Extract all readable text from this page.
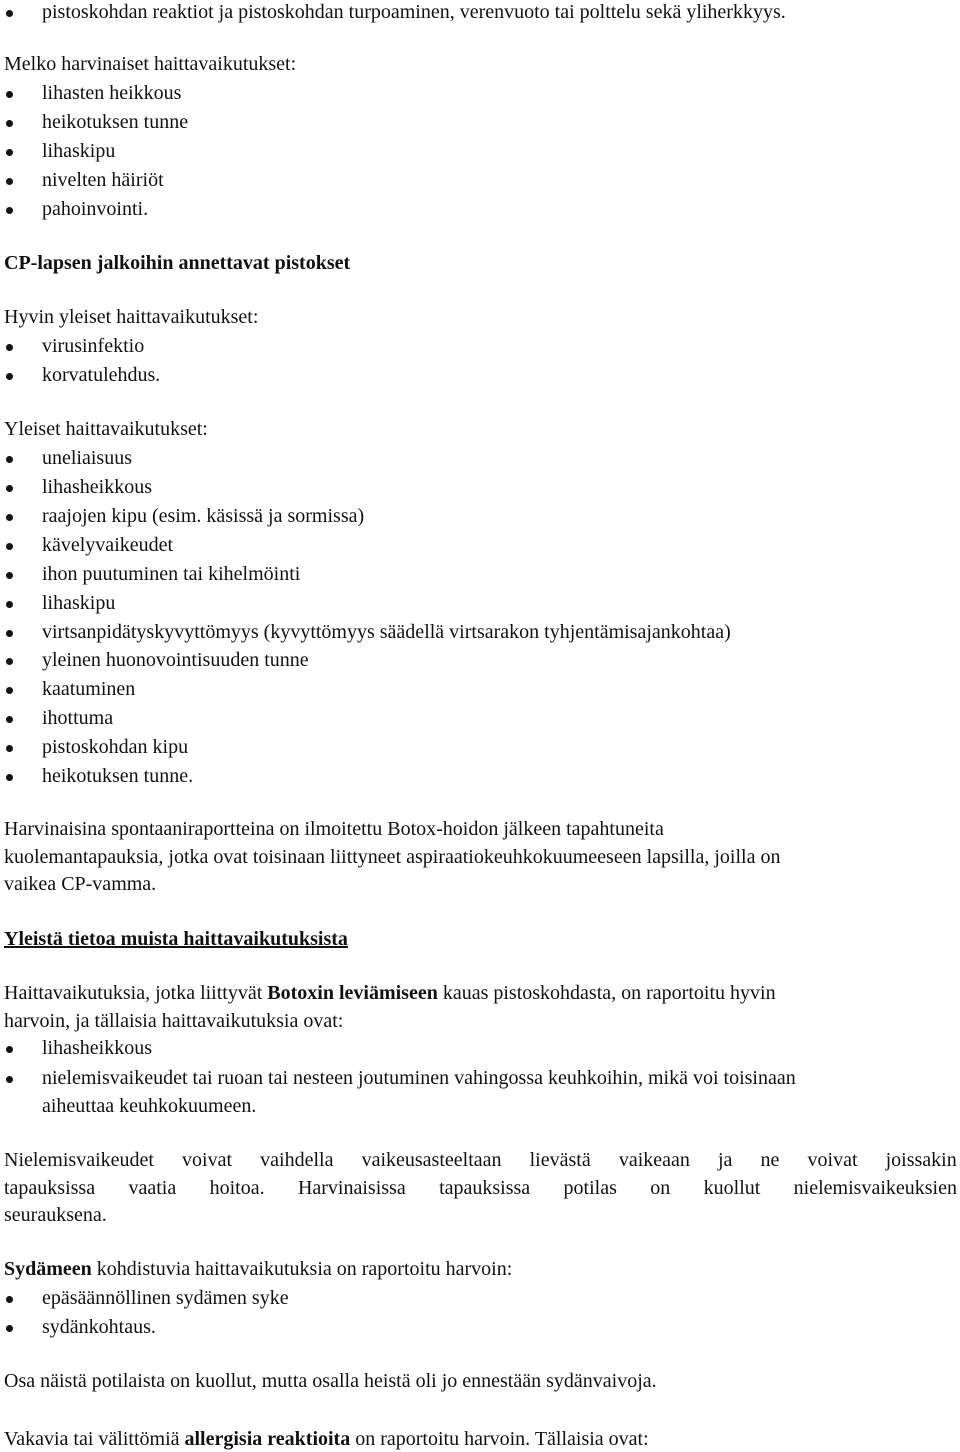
pistoskohdan reaktiot ja pistoskohdan turpoaminen, verenvuoto tai polttelu sekä yliherkkyys.
Melko harvinaiset haittavaikutukset:
lihasten heikkous
heikotuksen tunne
lihaskipu
nivelten häiriöt
pahoinvointi.
CP-lapsen jalkoihin annettavat pistokset
Hyvin yleiset haittavaikutukset:
virusinfektio
korvatulehdus.
Yleiset haittavaikutukset:
uneliaisuus
lihasheikkous
raajojen kipu (esim. käsissä ja sormissa)
kävelyvaikeudet
ihon puutuminen tai kihelmöinti
lihaskipu
virtsanpidätyskyvyttömyys (kyvyttömyys säädellä virtsarakon tyhjentämisajankohtaa)
yleinen huonovointisuuden tunne
kaatuminen
ihottuma
pistoskohdan kipu
heikotuksen tunne.
Harvinaisina spontaaniraportteina on ilmoitettu Botox-hoidon jälkeen tapahtuneita
kuolemantapauksia, jotka ovat toisinaan liittyneet aspiraatiokeuhkokuumeeseen lapsilla, joilla on
vaikea CP-vamma.
Yleistä tietoa muista haittavaikutuksista
Haittavaikutuksia, jotka liittyvät Botoxin leviämiseen kauas pistoskohdasta, on raportoitu hyvin
harvoin, ja tällaisia haittavaikutuksia ovat:
lihasheikkous
nielemisvaikeudet tai ruoan tai nesteen joutuminen vahingossa keuhkoihin, mikä voi toisinaan
aiheuttaa keuhkokuumeen.
Nielemisvaikeudet voivat vaihdella vaikeusasteeltaan lievästä vaikeaan ja ne voivat joissakin
tapauksissa vaatia hoitoa. Harvinaisissa tapauksissa potilas on kuollut nielemisvaikeuksien
seurauksena.
Sydämeen kohdistuvia haittavaikutuksia on raportoitu harvoin:
epäsäännöllinen sydämen syke
sydänkohtaus.
Osa näistä potilaista on kuollut, mutta osalla heistä oli jo ennestään sydänvaivoja.
Vakavia tai välittömiä allergisia reaktioita on raportoitu harvoin. Tällaisia ovat:
